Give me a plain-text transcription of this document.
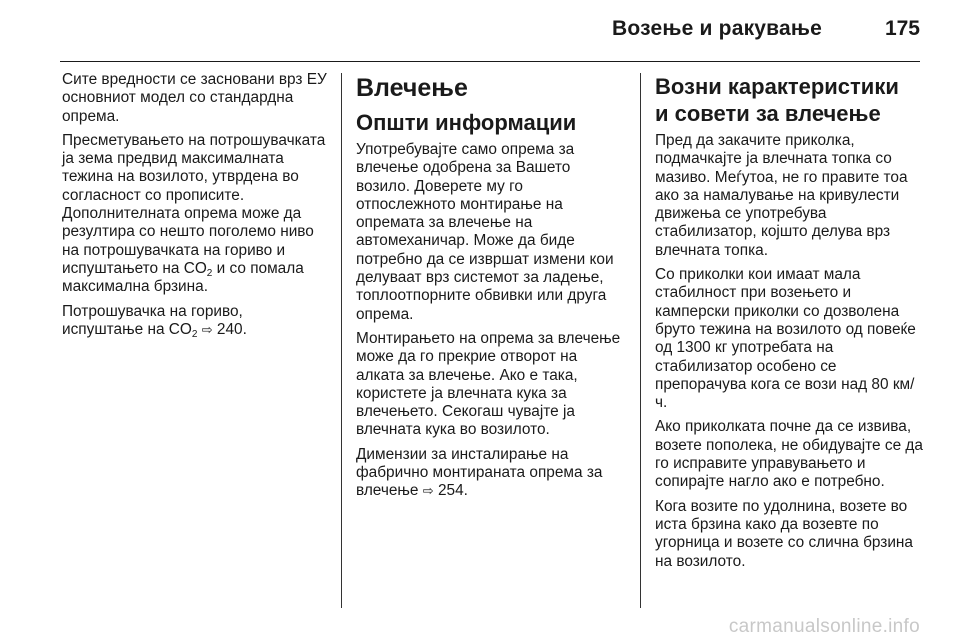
Возење и ракување	175

Сите вредности се засновани врз ЕУ основниот модел со стандардна опрема.

Пресметувањето на потрошувачката ја зема предвид максималната тежина на возилото, утврдена во согласност со прописите. Дополнителната опрема може да резултира со нешто поголемо ниво на потрошувачката на гориво и испуштањето на $CO_2$ и со помала максимална брзина.

Потрошувачка на гориво, испуштање на $CO_2$ ⇨ 240.

Влечење
Општи информации

Употребувајте само опрема за влечење одобрена за Вашето возило. Доверете му го отпослежното монтирање на опремата за влечење на автомеханичар. Може да биде потребно да се извршат измени кои делуваат врз системот за ладење, топлоотпорните обвивки или друга опрема.

Монтирањето на опрема за влечење може да го прекрие отворот на алката за влечење. Ако е така, користете ја влечната кука за влечењето. Секогаш чувајте ја влечната кука во возилото.

Димензии за инсталирање на фабрично монтираната опрема за влечење ⇨ 254.

Возни карактеристики
и совети за влечење

Пред да закачите приколка, подмачкајте ја влечната топка со мазиво. Меѓутоа, не го правите тоа ако за намалување на кривулести движења се употребува стабилизатор, којшто делува врз влечната топка.

Со приколки кои имаат мала стабилност при возењето и камперски приколки со дозволена бруто тежина на возилото од повеќе од 1300 кг употребата на стабилизатор особено се препорачува кога се вози над 80 км/ч.

Ако приколката почне да се извива, возете пополека, не обидувајте се да го исправите управувањето и сопирајте нагло ако е потребно.

Кога возите по удолнина, возете во иста брзина како да возевте по угорница и возете со слична брзина на возилото.

carmanualsonline.info
